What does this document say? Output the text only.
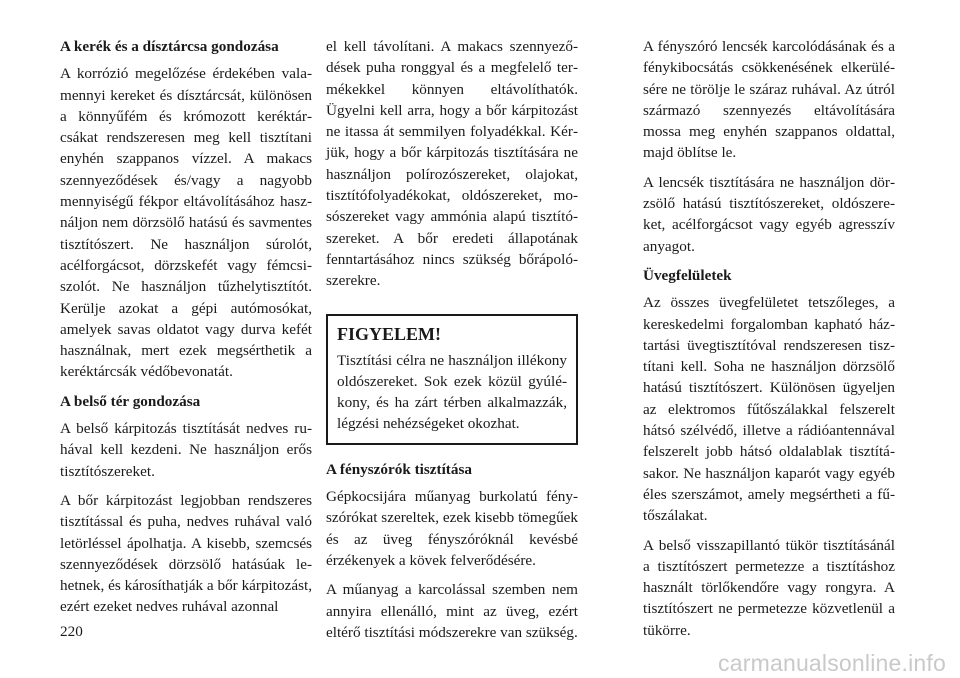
A kerék és a dísztárcsa gondozása

A korrózió megelőzése érdekében valamennyi kereket és dísztárcsát, különösen a könnyűfém és krómozott keréktárcsákat rendszeresen meg kell tisztítani enyhén szappanos vízzel. A makacs szennyeződések és/vagy a nagyobb mennyiségű fékpor eltávolításához használjon nem dörzsölő hatású és savmentes tisztítószert. Ne használjon súrolót, acélforgácsot, dörzskefét vagy fémcsiszolót. Ne használjon tűzhelytisztítót. Kerülje azokat a gépi autómosókat, amelyek savas oldatot vagy durva kefét használnak, mert ezek megsérthetik a keréktárcsák védőbevonatát.

A belső tér gondozása

A belső kárpitozás tisztítását nedves ruhával kell kezdeni. Ne használjon erős tisztítószereket.

A bőr kárpitozást legjobban rendszeres tisztítással és puha, nedves ruhával való letörléssel ápolhatja. A kisebb, szemcsés szennyeződések dörzsölő hatásúak lehetnek, és károsíthatják a bőr kárpitozást, ezért ezeket nedves ruhával azonnal

el kell távolítani. A makacs szennyeződések puha ronggyal és a megfelelő termékekkel könnyen eltávolíthatók. Ügyelni kell arra, hogy a bőr kárpitozást ne itassa át semmilyen folyadékkal. Kérjük, hogy a bőr kárpitozás tisztítására ne használjon polírozószereket, olajokat, tisztítófolyadékokat, oldószereket, mosószereket vagy ammónia alapú tisztítószereket. A bőr eredeti állapotának fenntartásához nincs szükség bőrápolószerekre.

FIGYELEM!

Tisztítási célra ne használjon illékony oldószereket. Sok ezek közül gyúlékony, és ha zárt térben alkalmazzák, légzési nehézségeket okozhat.

A fényszórók tisztítása

Gépkocsijára műanyag burkolatú fényszórókat szereltek, ezek kisebb tömegűek és az üveg fényszóróknál kevésbé érzékenyek a kövek felverődésére.

A műanyag a karcolással szemben nem annyira ellenálló, mint az üveg, ezért eltérő tisztítási módszerekre van szükség.

A fényszóró lencsék karcolódásának és a fénykibocsátás csökkenésének elkerülésére ne törölje le száraz ruhával. Az útról származó szennyezés eltávolítására mossa meg enyhén szappanos oldattal, majd öblítse le.

A lencsék tisztítására ne használjon dörzsölő hatású tisztítószereket, oldószereket, acélforgácsot vagy egyéb agresszív anyagot.

Üvegfelületek

Az összes üvegfelületet tetszőleges, a kereskedelmi forgalomban kapható háztartási üvegtisztítóval rendszeresen tisztítani kell. Soha ne használjon dörzsölő hatású tisztítószert. Különösen ügyeljen az elektromos fűtőszálakkal felszerelt hátsó szélvédő, illetve a rádióantennával felszerelt jobb hátsó oldalablak tisztításakor. Ne használjon kaparót vagy egyéb éles szerszámot, amely megsértheti a fűtőszálakat.

A belső visszapillantó tükör tisztításánál a tisztítószert permetezze a tisztításhoz használt törlőkendőre vagy rongyra. A tisztítószert ne permetezze közvetlenül a tükörre.

220
carmanualsonline.info
